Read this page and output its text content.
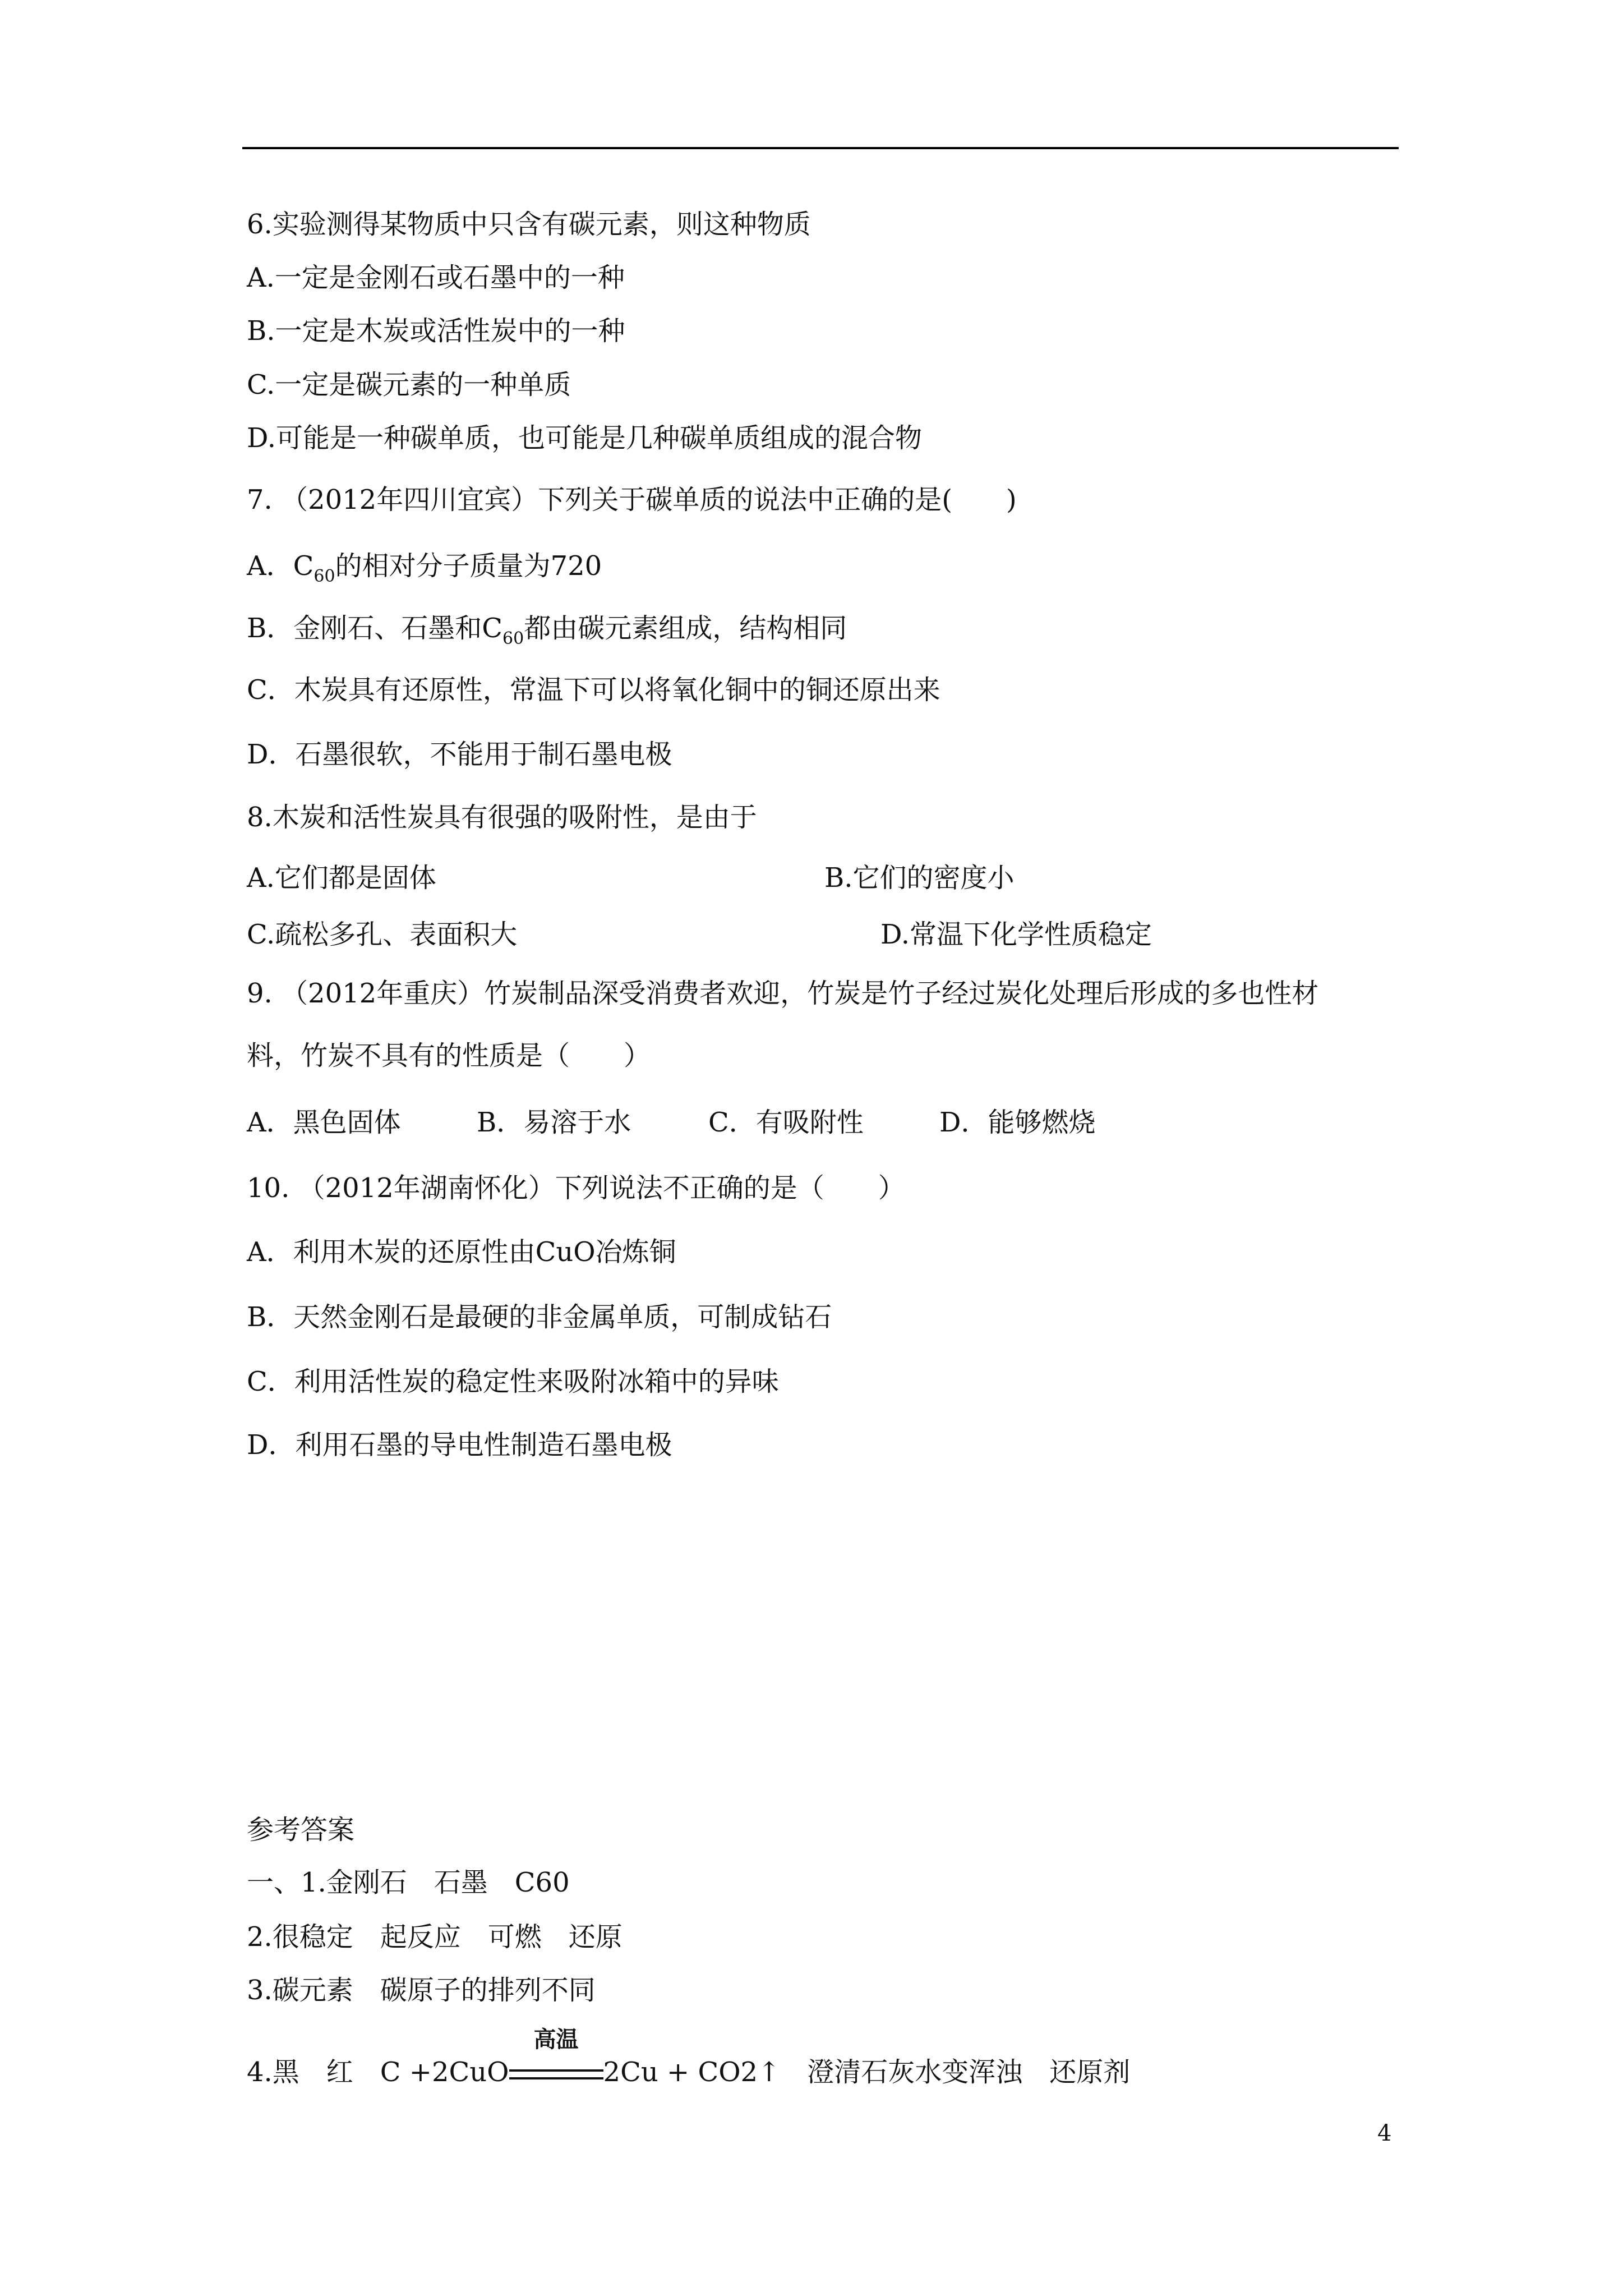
6.实验测得某物质中只含有碳元素，则这种物质
A.一定是金刚石或石墨中的一种
B.一定是木炭或活性炭中的一种
C.一定是碳元素的一种单质
D.可能是一种碳单质，也可能是几种碳单质组成的混合物
7. （2012年四川宜宾）下列关于碳单质的说法中正确的是(　　)
A．$C_{60}$的相对分子质量为720
B．金刚石、石墨和$C_{60}$都由碳元素组成，结构相同
C．木炭具有还原性，常温下可以将氧化铜中的铜还原出来
D．石墨很软，不能用于制石墨电极
8.木炭和活性炭具有很强的吸附性，是由于
A.它们都是固体	B.它们的密度小
C.疏松多孔、表面积大	D.常温下化学性质稳定
9. （2012年重庆）竹炭制品深受消费者欢迎，竹炭是竹子经过炭化处理后形成的多也性材
料，竹炭不具有的性质是（　　）
A．黑色固体	B．易溶于水	C．有吸附性	D．能够燃烧
10. （2012年湖南怀化）下列说法不正确的是（　　）
A．利用木炭的还原性由CuO冶炼铜
B．天然金刚石是最硬的非金属单质，可制成钻石
C．利用活性炭的稳定性来吸附冰箱中的异味
D．利用石墨的导电性制造石墨电极
参考答案
一、1.金刚石　石墨　C60
2.很稳定　起反应　可燃　还原
3.碳元素　碳原子的排列不同
4.黑　红　C +2CuO
高温
2Cu + CO2↑　澄清石灰水变浑浊　还原剂
4
